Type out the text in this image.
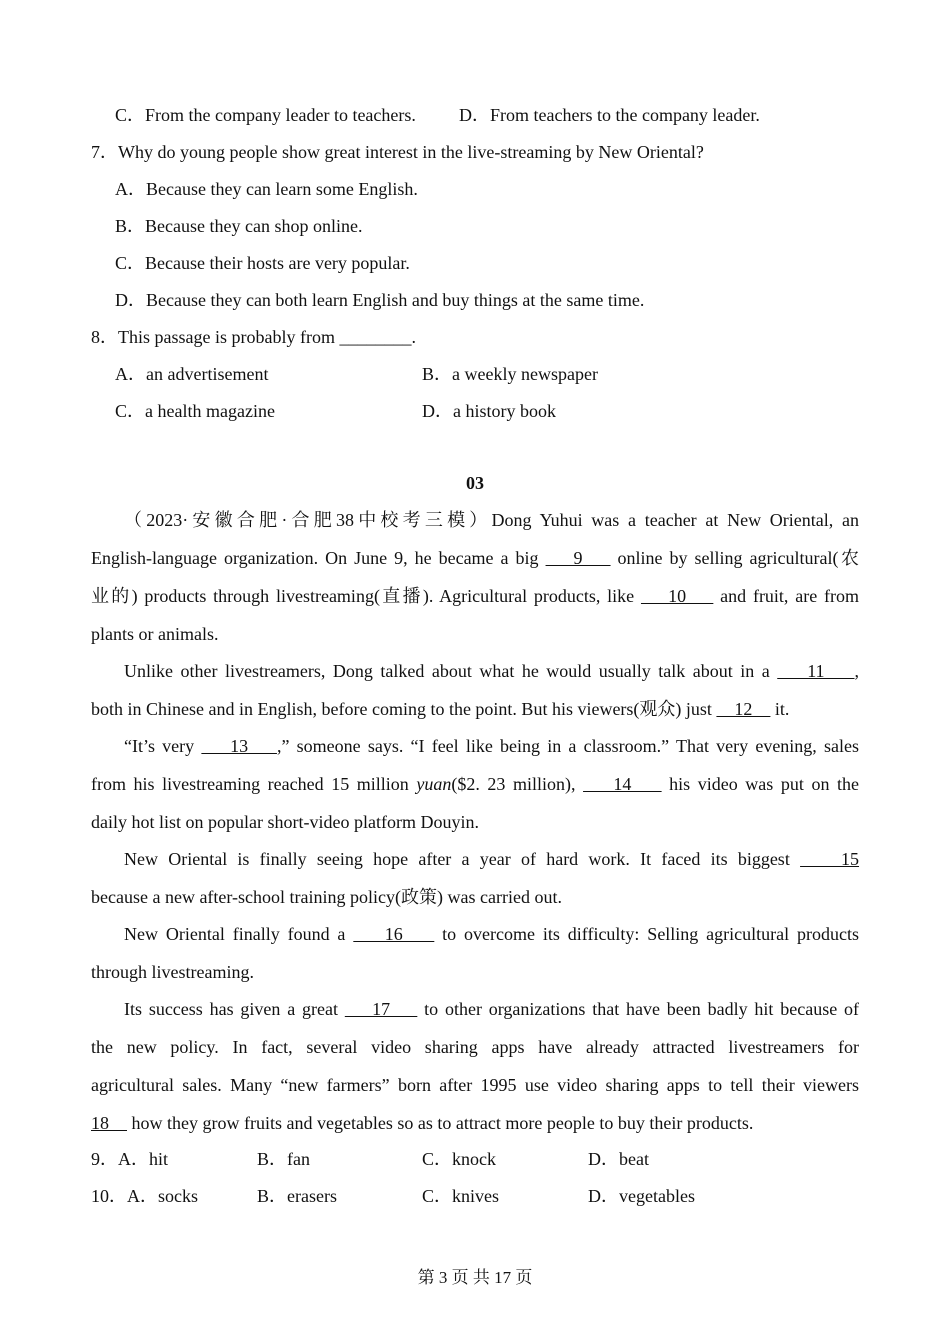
C．From the company leader to teachers. D．From teachers to the company leader.
7．Why do young people show great interest in the live-streaming by New Oriental?
A．Because they can learn some English.
B．Because they can shop online.
C．Because their hosts are very popular.
D．Because they can both learn English and buy things at the same time.
8．This passage is probably from ________.
A．an advertisement	B．a weekly newspaper
C．a health magazine	D．a history book
03
（2023·安徽合肥·合肥38中校考三模）Dong Yuhui was a teacher at New Oriental, an
English-language organization. On June 9, he became a big     9     online by selling agricultural(农
业的) products through livestreaming(直播). Agricultural products, like     10     and fruit, are from
plants or animals.
Unlike other livestreamers, Dong talked about what he would usually talk about in a     11    ,
both in Chinese and in English, before coming to the point. But his viewers(观众) just     12     it.
“It’s very     13    ,” someone says. “I feel like being in a classroom.” That very evening, sales
from his livestreaming reached 15 million yuan($2. 23 million),     14     his video was put on the
daily hot list on popular short-video platform Douyin.
New Oriental is finally seeing hope after a year of hard work. It faced its biggest     15
because a new after-school training policy(政策) was carried out.
New Oriental finally found a     16     to overcome its difficulty: Selling agricultural products
through livestreaming.
Its success has given a great     17     to other organizations that have been badly hit because of
the new policy. In fact, several video sharing apps have already attracted livestreamers for
agricultural sales. Many “new farmers” born after 1995 use video sharing apps to tell their viewers
18     how they grow fruits and vegetables so as to attract more people to buy their products.
9．A．hit	B．fan	C．knock	D．beat
10．A．socks	B．erasers	C．knives	D．vegetables
第 3 页 共 17 页
